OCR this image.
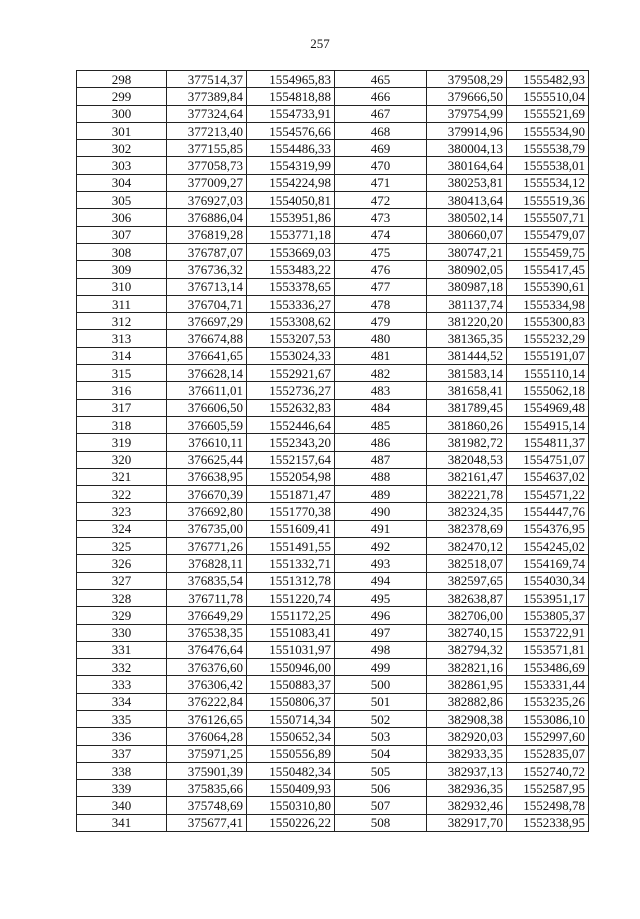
257
298	377514,37	1554965,83	465	379508,29	1555482,93
299	377389,84	1554818,88	466	379666,50	1555510,04
300	377324,64	1554733,91	467	379754,99	1555521,69
301	377213,40	1554576,66	468	379914,96	1555534,90
302	377155,85	1554486,33	469	380004,13	1555538,79
303	377058,73	1554319,99	470	380164,64	1555538,01
304	377009,27	1554224,98	471	380253,81	1555534,12
305	376927,03	1554050,81	472	380413,64	1555519,36
306	376886,04	1553951,86	473	380502,14	1555507,71
307	376819,28	1553771,18	474	380660,07	1555479,07
308	376787,07	1553669,03	475	380747,21	1555459,75
309	376736,32	1553483,22	476	380902,05	1555417,45
310	376713,14	1553378,65	477	380987,18	1555390,61
311	376704,71	1553336,27	478	381137,74	1555334,98
312	376697,29	1553308,62	479	381220,20	1555300,83
313	376674,88	1553207,53	480	381365,35	1555232,29
314	376641,65	1553024,33	481	381444,52	1555191,07
315	376628,14	1552921,67	482	381583,14	1555110,14
316	376611,01	1552736,27	483	381658,41	1555062,18
317	376606,50	1552632,83	484	381789,45	1554969,48
318	376605,59	1552446,64	485	381860,26	1554915,14
319	376610,11	1552343,20	486	381982,72	1554811,37
320	376625,44	1552157,64	487	382048,53	1554751,07
321	376638,95	1552054,98	488	382161,47	1554637,02
322	376670,39	1551871,47	489	382221,78	1554571,22
323	376692,80	1551770,38	490	382324,35	1554447,76
324	376735,00	1551609,41	491	382378,69	1554376,95
325	376771,26	1551491,55	492	382470,12	1554245,02
326	376828,11	1551332,71	493	382518,07	1554169,74
327	376835,54	1551312,78	494	382597,65	1554030,34
328	376711,78	1551220,74	495	382638,87	1553951,17
329	376649,29	1551172,25	496	382706,00	1553805,37
330	376538,35	1551083,41	497	382740,15	1553722,91
331	376476,64	1551031,97	498	382794,32	1553571,81
332	376376,60	1550946,00	499	382821,16	1553486,69
333	376306,42	1550883,37	500	382861,95	1553331,44
334	376222,84	1550806,37	501	382882,86	1553235,26
335	376126,65	1550714,34	502	382908,38	1553086,10
336	376064,28	1550652,34	503	382920,03	1552997,60
337	375971,25	1550556,89	504	382933,35	1552835,07
338	375901,39	1550482,34	505	382937,13	1552740,72
339	375835,66	1550409,93	506	382936,35	1552587,95
340	375748,69	1550310,80	507	382932,46	1552498,78
341	375677,41	1550226,22	508	382917,70	1552338,95
